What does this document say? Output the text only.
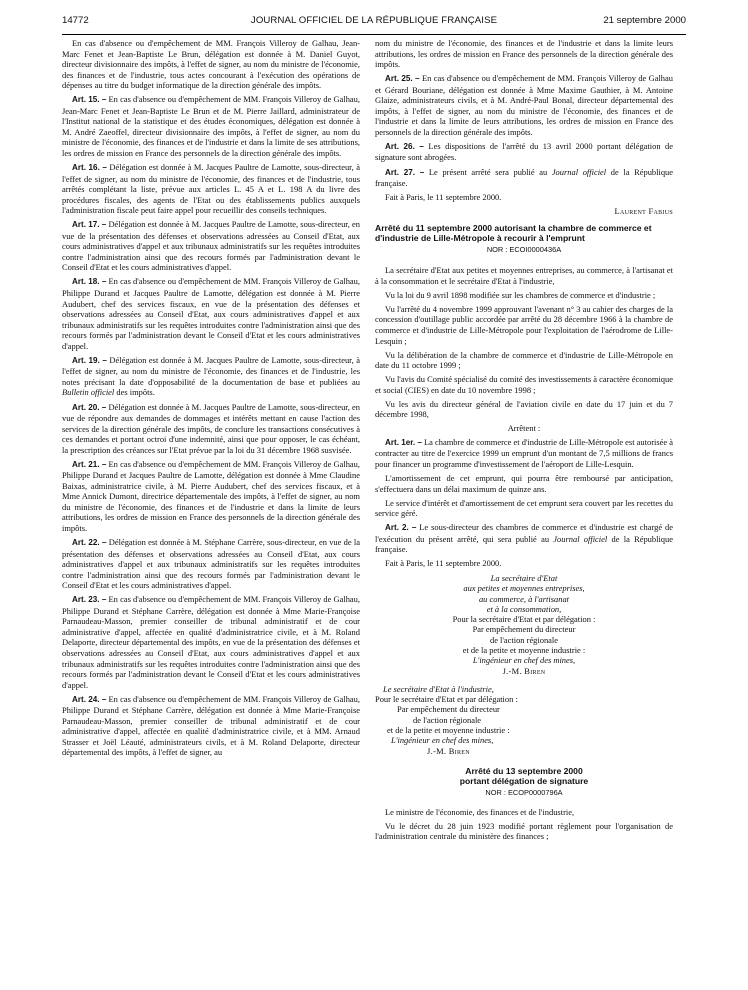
14772	JOURNAL OFFICIEL DE LA RÉPUBLIQUE FRANÇAISE	21 septembre 2000

En cas d'absence ou d'empêchement de MM. François Villeroy de Galhau, Jean-Marc Fenet et Jean-Baptiste Le Brun, délégation est donnée à M. Daniel Guyot, directeur divisionnaire des impôts, à l'effet de signer, au nom du ministre de l'économie, des finances et de l'industrie, tous actes concourant à l'exécution des opérations de dépenses au titre du budget informatique de la direction générale des impôts.

Art. 15. – En cas d'absence ou d'empêchement de MM. François Villeroy de Galhau, Jean-Marc Fenet et Jean-Baptiste Le Brun et de M. Pierre Jaillard, administrateur de l'Institut national de la statistique et des études économiques, délégation est donnée à M. André Zaeoffel, directeur divisionnaire des impôts, à l'effet de signer, au nom du ministre de l'économie, des finances et de l'industrie et dans la limite de ses attributions, les ordres de mission en France des personnels de la direction générale des impôts.

Art. 16. – Délégation est donnée à M. Jacques Paultre de Lamotte, sous-directeur, à l'effet de signer, au nom du ministre de l'économie, des finances et de l'industrie, tous arrêtés complétant la liste, prévue aux articles L. 45 A et L. 198 A du livre des procédures fiscales, des agents de l'Etat ou des établissements publics auxquels l'administration fiscale peut faire appel pour recueillir des conseils techniques.

Art. 17. – Délégation est donnée à M. Jacques Paultre de Lamotte, sous-directeur, en vue de la présentation des défenses et observations adressées au Conseil d'Etat, aux cours administratives d'appel et aux tribunaux administratifs sur les requêtes introduites contre l'administration ainsi que des recours formés par l'administration devant le Conseil d'Etat et les cours administratives d'appel.

Art. 18. – En cas d'absence ou d'empêchement de MM. François Villeroy de Galhau, Philippe Durand et Jacques Paultre de Lamotte, délégation est donnée à M. Pierre Audubert, chef des services fiscaux, en vue de la présentation des défenses et observations adressées au Conseil d'Etat, aux cours administratives d'appel et aux tribunaux administratifs sur les requêtes introduites contre l'administration ainsi que des recours formés par l'administration devant le Conseil d'Etat et les cours administratives d'appel.

Art. 19. – Délégation est donnée à M. Jacques Paultre de Lamotte, sous-directeur, à l'effet de signer, au nom du ministre de l'économie, des finances et de l'industrie, les notes précisant la date d'opposabilité de la documentation de base et publiées au Bulletin officiel des impôts.

Art. 20. – Délégation est donnée à M. Jacques Paultre de Lamotte, sous-directeur, en vue de répondre aux demandes de dommages et intérêts mettant en cause l'action des services de la direction générale des impôts, de conclure les transactions consécutives à ces demandes et portant octroi d'une indemnité, ainsi que pour opposer, le cas échéant, la prescription des créances sur l'Etat prévue par la loi du 31 décembre 1968 susvisée.

Art. 21. – En cas d'absence ou d'empêchement de MM. François Villeroy de Galhau, Philippe Durand et Jacques Paultre de Lamotte, délégation est donnée à Mme Claudine Baixas, administratrice civile, à M. Pierre Audubert, chef des services fiscaux, et à Mme Annick Dumont, directrice départementale des impôts, à l'effet de signer, au nom du ministre de l'économie, des finances et de l'industrie et dans la limite de leurs attributions, les ordres de mission en France des personnels de la direction générale des impôts.

Art. 22. – Délégation est donnée à M. Stéphane Carrère, sous-directeur, en vue de la présentation des défenses et observations adressées au Conseil d'Etat, aux cours administratives d'appel et aux tribunaux administratifs sur les requêtes introduites contre l'administration ainsi que des recours formés par l'administration devant le Conseil d'Etat et les cours administratives d'appel.

Art. 23. – En cas d'absence ou d'empêchement de MM. François Villeroy de Galhau, Philippe Durand et Stéphane Carrère, délégation est donnée à Mme Marie-Françoise Parnaudeau-Masson, premier conseiller de tribunal administratif et de cour administrative d'appel, affectée en qualité d'administratrice civile, et à M. Roland Delaporte, directeur départemental des impôts, en vue de la présentation des défenses et observations adressées au Conseil d'Etat, aux cours administratives d'appel et aux tribunaux administratifs sur les requêtes introduites contre l'administration ainsi que des recours formés par l'administration devant le Conseil d'Etat et les cours administratives d'appel.

Art. 24. – En cas d'absence ou d'empêchement de MM. François Villeroy de Galhau, Philippe Durand et Stéphane Carrère, délégation est donnée à Mme Marie-Françoise Parnaudeau-Masson, premier conseiller de tribunal administratif et de cour administrative d'appel, affectée en qualité d'administratrice civile, et à MM. Arnaud Strasser et Joël Léauté, administrateurs civils, et à M. Roland Delaporte, directeur départemental des impôts, à l'effet de signer, au

nom du ministre de l'économie, des finances et de l'industrie et dans la limite leurs attributions, les ordres de mission en France des personnels de la direction générale des impôts.

Art. 25. – En cas d'absence ou d'empêchement de MM. François Villeroy de Galhau et Gérard Bouriane, délégation est donnée à Mme Maxime Gauthier, à M. Antoine Glaize, administrateurs civils, et à M. André-Paul Bonal, directeur départemental des impôts, à l'effet de signer, au nom du ministre de l'économie, des finances et de l'industrie et dans la limite de leurs attributions, les ordres de mission en France des personnels de la direction générale des impôts.

Art. 26. – Les dispositions de l'arrêté du 13 avril 2000 portant délégation de signature sont abrogées.

Art. 27. – Le présent arrêté sera publié au Journal officiel de la République française.

Fait à Paris, le 11 septembre 2000.

Laurent Fabius
Arrêté du 11 septembre 2000 autorisant la chambre de commerce et d'industrie de Lille-Métropole à recourir à l'emprunt
NOR : ECOI0000436A

La secrétaire d'Etat aux petites et moyennes entreprises, au commerce, à l'artisanat et à la consommation et le secrétaire d'Etat à l'industrie,

Vu la loi du 9 avril 1898 modifiée sur les chambres de commerce et d'industrie ;

Vu l'arrêté du 4 novembre 1999 approuvant l'avenant n° 3 au cahier des charges de la concession d'outillage public accordée par arrêté du 28 décembre 1966 à la chambre de commerce et d'industrie de Lille-Métropole pour l'exploitation de l'aérodrome de Lille-Lesquin ;

Vu la délibération de la chambre de commerce et d'industrie de Lille-Métropole en date du 11 octobre 1999 ;

Vu l'avis du Comité spécialisé du comité des investissements à caractère économique et social (CIES) en date du 10 novembre 1998 ;

Vu les avis du directeur général de l'aviation civile en date du 17 juin et du 7 décembre 1998,

Arrêtent :

Art. 1er. – La chambre de commerce et d'industrie de Lille-Métropole est autorisée à contracter au titre de l'exercice 1999 un emprunt d'un montant de 7,5 millions de francs pour financer un programme d'investissement de l'aéroport de Lille-Lesquin.

L'amortissement de cet emprunt, qui pourra être remboursé par anticipation, s'effectuera dans un délai maximum de quinze ans.

Le service d'intérêt et d'amortissement de cet emprunt sera couvert par les recettes du service géré.

Art. 2. – Le sous-directeur des chambres de commerce et d'industrie est chargé de l'exécution du présent arrêté, qui sera publié au Journal officiel de la République française.

Fait à Paris, le 11 septembre 2000.

La secrétaire d'Etat
aux petites et moyennes entreprises,
au commerce, à l'artisanat
et à la consommation,
Pour la secrétaire d'Etat et par délégation :
Par empêchement du directeur
de l'action régionale
et de la petite et moyenne industrie :
L'ingénieur en chef des mines,
J.-M. Biren
Le secrétaire d'Etat à l'industrie,
Pour le secrétaire d'Etat et par délégation :
Par empêchement du directeur
de l'action régionale
et de la petite et moyenne industrie :
L'ingénieur en chef des mines,
J.-M. Biren
Arrêté du 13 septembre 2000
portant délégation de signature
NOR : ECOP0000796A

Le ministre de l'économie, des finances et de l'industrie,

Vu le décret du 28 juin 1923 modifié portant règlement pour l'organisation de l'administration centrale du ministère des finances ;
